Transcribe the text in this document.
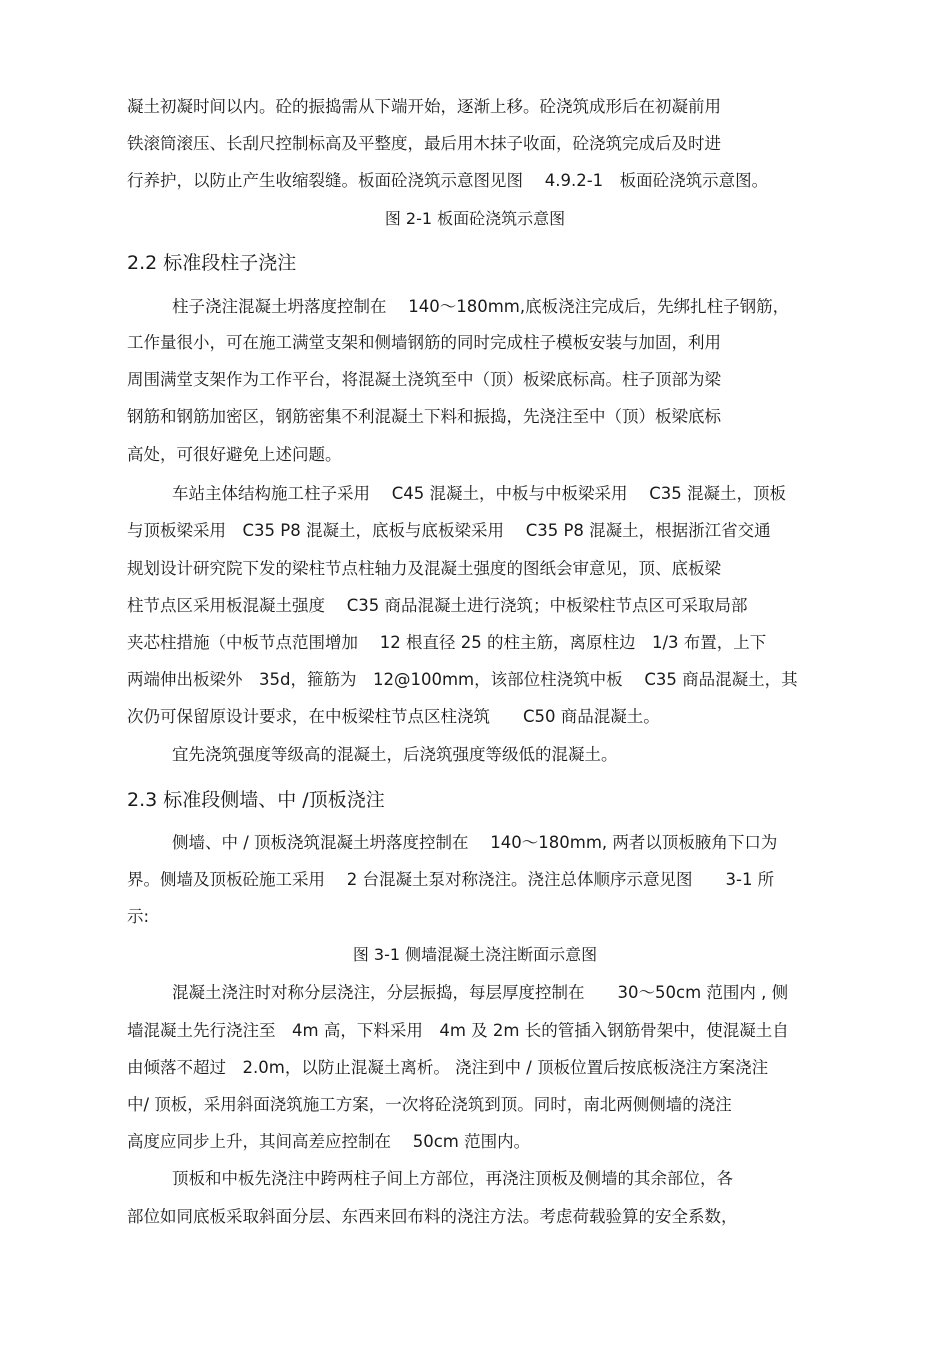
凝土初凝时间以内。砼的振捣需从下端开始，逐渐上移。砼浇筑成形后在初凝前用
铁滚筒滚压、长刮尺控制标高及平整度，最后用木抹子收面，砼浇筑完成后及时进
行养护，以防止产生收缩裂缝。板面砼浇筑示意图见图　 4.9.2-1　板面砼浇筑示意图。
图 2-1 板面砼浇筑示意图
2.2 标准段柱子浇注
柱子浇注混凝土坍落度控制在　 140～180mm,底板浇注完成后，先绑扎柱子钢筋，
工作量很小，可在施工满堂支架和侧墙钢筋的同时完成柱子模板安装与加固，利用
周围满堂支架作为工作平台，将混凝土浇筑至中（顶）板梁底标高。柱子顶部为梁
钢筋和钢筋加密区，钢筋密集不利混凝土下料和振捣，先浇注至中（顶）板梁底标
高处，可很好避免上述问题。
车站主体结构施工柱子采用　 C45 混凝土，中板与中板梁采用　 C35 混凝土，顶板
与顶板梁采用　C35 P8 混凝土，底板与底板梁采用　 C35 P8 混凝土，根据浙江省交通
规划设计研究院下发的梁柱节点柱轴力及混凝土强度的图纸会审意见，顶、底板梁
柱节点区采用板混凝土强度　 C35 商品混凝土进行浇筑；中板梁柱节点区可采取局部
夹芯柱措施（中板节点范围增加　 12 根直径 25 的柱主筋，离原柱边　1/3 布置，上下
两端伸出板梁外　35d，箍筋为　12@100mm，该部位柱浇筑中板　 C35 商品混凝土，其
次仍可保留原设计要求，在中板梁柱节点区柱浇筑　　C50 商品混凝土。
宜先浇筑强度等级高的混凝土，后浇筑强度等级低的混凝土。
2.3 标准段侧墙、中 /顶板浇注
侧墙、中 / 顶板浇筑混凝土坍落度控制在　 140～180mm, 两者以顶板腋角下口为
界。侧墙及顶板砼施工采用　 2 台混凝土泵对称浇注。浇注总体顺序示意见图　　3-1 所
示:
图 3-1 侧墙混凝土浇注断面示意图
混凝土浇注时对称分层浇注，分层振捣，每层厚度控制在　　30～50cm 范围内 , 侧
墙混凝土先行浇注至　4m 高，下料采用　4m 及 2m 长的管插入钢筋骨架中，使混凝土自
由倾落不超过　2.0m，以防止混凝土离析。 浇注到中 / 顶板位置后按底板浇注方案浇注
中/ 顶板，采用斜面浇筑施工方案，一次将砼浇筑到顶。同时，南北两侧侧墙的浇注
高度应同步上升，其间高差应控制在　 50cm 范围内。
顶板和中板先浇注中跨两柱子间上方部位，再浇注顶板及侧墙的其余部位，各
部位如同底板采取斜面分层、东西来回布料的浇注方法。考虑荷载验算的安全系数，
